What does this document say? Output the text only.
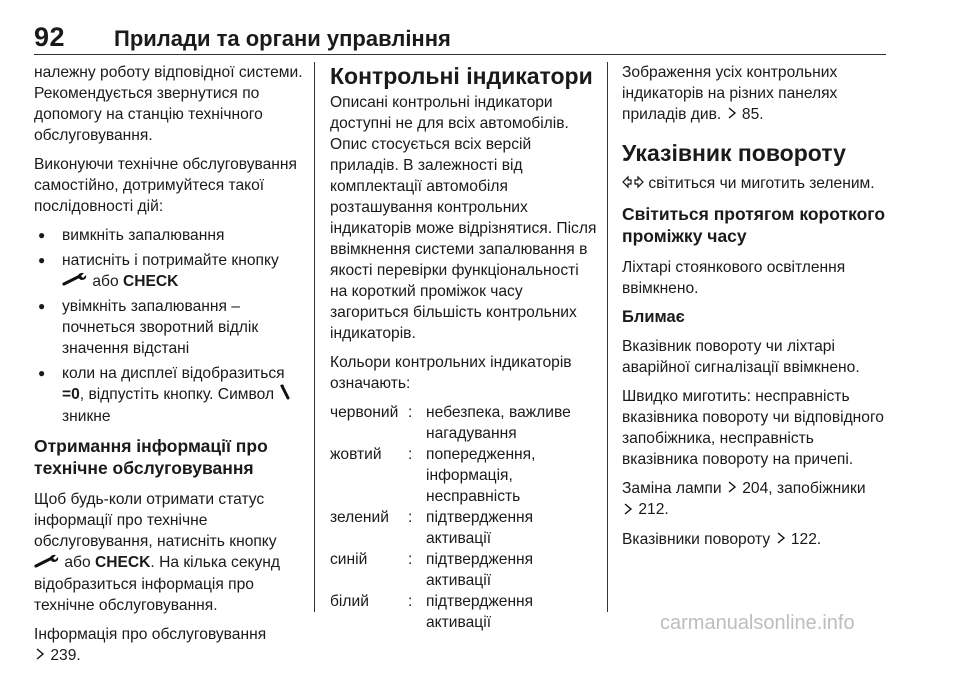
92 Прилади та органи управління

належну роботу відповідної системи. Рекомендується звернутися по допомогу на станцію технічного обслуговування.

Виконуючи технічне обслуговування самостійно, дотримуйтеся такої послідовності дій:

● вимкніть запалювання
● натисніть і потримайте кнопку  або CHECK
● увімкніть запалювання – почнеться зворотний відлік значення відстані
● коли на дисплеї відобразиться =0, відпустіть кнопку. Символ  зникне
Отримання інформації про технічне обслуговування

Щоб будь-коли отримати статус інформації про технічне обслуговування, натисніть кнопку  або CHECK. На кілька секунд відобразиться інформація про технічне обслуговування.

Інформація про обслуговування
239.

Контрольні індикатори

Описані контрольні індикатори доступні не для всіх автомобілів. Опис стосується всіх версій приладів. В залежності від комплектації автомобіля розташування контрольних індикаторів може відрізнятися. Після ввімкнення системи запалювання в якості перевірки функціональності на короткий проміжок часу загориться більшість контрольних індикаторів.

Кольори контрольних індикаторів означають:

червоний	:	небезпека, важливе нагадування
жовтий	:	попередження, інформація, несправність
зелений	:	підтвердження активації
синій	:	підтвердження активації
білий	:	підтвердження активації

Зображення усіх контрольних індикаторів на різних панелях приладів див. 85.

Указівник повороту

світиться чи миготить зеленим.

Світиться протягом короткого проміжку часу

Ліхтарі стоянкового освітлення ввімкнено.

Блимає

Вказівник повороту чи ліхтарі аварійної сигналізації ввімкнено.

Швидко миготить: несправність вказівника повороту чи відповідного запобіжника, несправність вказівника повороту на причепі.

Заміна лампи 204, запобіжники
212.

Вказівники повороту 122.

carmanualsonline.info
